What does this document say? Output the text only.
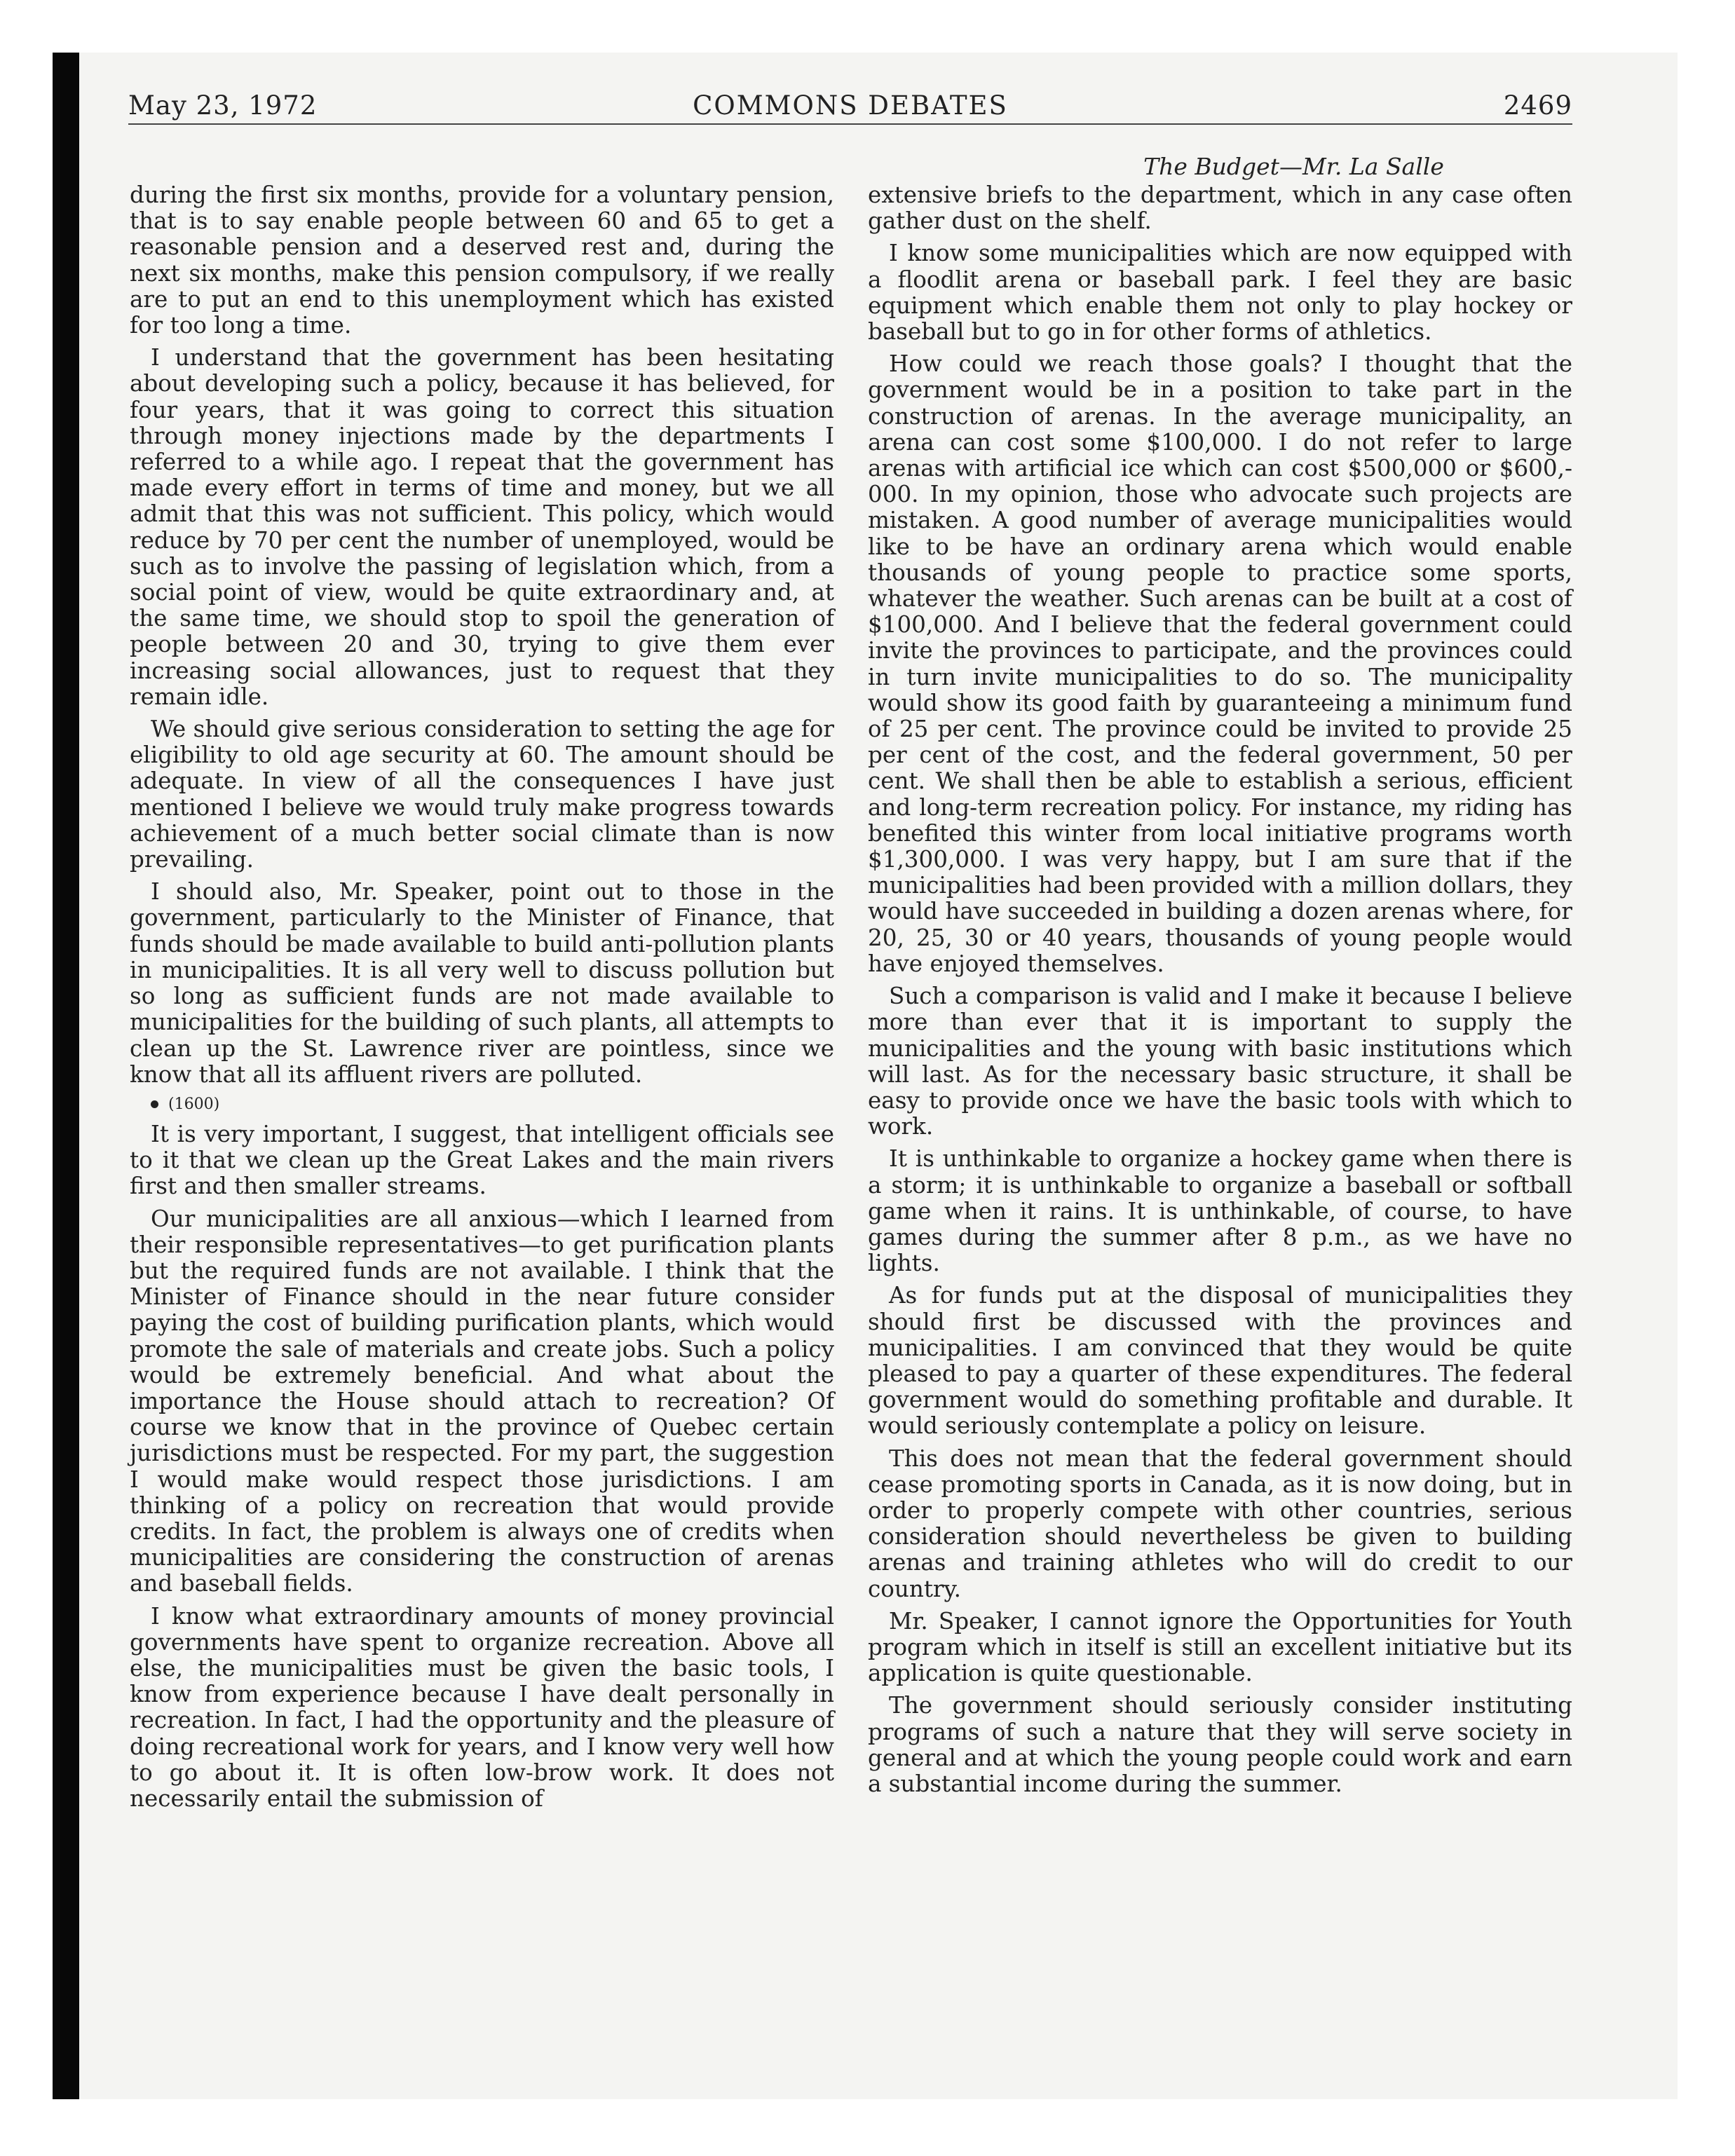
May 23, 1972	COMMONS DEBATES	2469

during the first six months, provide for a voluntary pension, that is to say enable people between 60 and 65 to get a reasonable pension and a deserved rest and, during the next six months, make this pension compulsory, if we really are to put an end to this unemployment which has existed for too long a time.

I understand that the government has been hesitating about developing such a policy, because it has believed, for four years, that it was going to correct this situation through money injections made by the departments I referred to a while ago. I repeat that the government has made every effort in terms of time and money, but we all admit that this was not sufficient. This policy, which would reduce by 70 per cent the number of unemployed, would be such as to involve the passing of legislation which, from a social point of view, would be quite extraordinary and, at the same time, we should stop to spoil the generation of people between 20 and 30, trying to give them ever increasing social allowances, just to request that they remain idle.

We should give serious consideration to setting the age for eligibility to old age security at 60. The amount should be adequate. In view of all the consequences I have just mentioned I believe we would truly make progress towards achievement of a much better social climate than is now prevailing.

I should also, Mr. Speaker, point out to those in the government, particularly to the Minister of Finance, that funds should be made available to build anti-pollution plants in municipalities. It is all very well to discuss pollution but so long as sufficient funds are not made available to municipalities for the building of such plants, all attempts to clean up the St. Lawrence river are pointless, since we know that all its affluent rivers are polluted.

(1600)

It is very important, I suggest, that intelligent officials see to it that we clean up the Great Lakes and the main rivers first and then smaller streams.

Our municipalities are all anxious—which I learned from their responsible representatives—to get purification plants but the required funds are not available. I think that the Minister of Finance should in the near future consider paying the cost of building purification plants, which would promote the sale of materials and create jobs. Such a policy would be extremely beneficial. And what about the importance the House should attach to recreation? Of course we know that in the province of Quebec certain jurisdictions must be respected. For my part, the suggestion I would make would respect those jurisdictions. I am thinking of a policy on recreation that would provide credits. In fact, the problem is always one of credits when municipalities are considering the construction of arenas and baseball fields.

I know what extraordinary amounts of money provincial governments have spent to organize recreation. Above all else, the municipalities must be given the basic tools, I know from experience because I have dealt personally in recreation. In fact, I had the opportunity and the pleasure of doing recreational work for years, and I know very well how to go about it. It is often low-brow work. It does not necessarily entail the submission of

The Budget—Mr. La Salle

extensive briefs to the department, which in any case often gather dust on the shelf.

I know some municipalities which are now equipped with a floodlit arena or baseball park. I feel they are basic equipment which enable them not only to play hockey or baseball but to go in for other forms of athletics.

How could we reach those goals? I thought that the government would be in a position to take part in the construction of arenas. In the average municipality, an arena can cost some $100,000. I do not refer to large arenas with artificial ice which can cost $500,000 or $600,000. In my opinion, those who advocate such projects are mistaken. A good number of average municipalities would like to be have an ordinary arena which would enable thousands of young people to practice some sports, whatever the weather. Such arenas can be built at a cost of $100,000. And I believe that the federal government could invite the provinces to participate, and the provinces could in turn invite municipalities to do so. The municipality would show its good faith by guaranteeing a minimum fund of 25 per cent. The province could be invited to provide 25 per cent of the cost, and the federal government, 50 per cent. We shall then be able to establish a serious, efficient and long-term recreation policy. For instance, my riding has benefited this winter from local initiative programs worth $1,300,000. I was very happy, but I am sure that if the municipalities had been provided with a million dollars, they would have succeeded in building a dozen arenas where, for 20, 25, 30 or 40 years, thousands of young people would have enjoyed themselves.

Such a comparison is valid and I make it because I believe more than ever that it is important to supply the municipalities and the young with basic institutions which will last. As for the necessary basic structure, it shall be easy to provide once we have the basic tools with which to work.

It is unthinkable to organize a hockey game when there is a storm; it is unthinkable to organize a baseball or softball game when it rains. It is unthinkable, of course, to have games during the summer after 8 p.m., as we have no lights.

As for funds put at the disposal of municipalities they should first be discussed with the provinces and municipalities. I am convinced that they would be quite pleased to pay a quarter of these expenditures. The federal government would do something profitable and durable. It would seriously contemplate a policy on leisure.

This does not mean that the federal government should cease promoting sports in Canada, as it is now doing, but in order to properly compete with other countries, serious consideration should nevertheless be given to building arenas and training athletes who will do credit to our country.

Mr. Speaker, I cannot ignore the Opportunities for Youth program which in itself is still an excellent initiative but its application is quite questionable.

The government should seriously consider instituting programs of such a nature that they will serve society in general and at which the young people could work and earn a substantial income during the summer.
